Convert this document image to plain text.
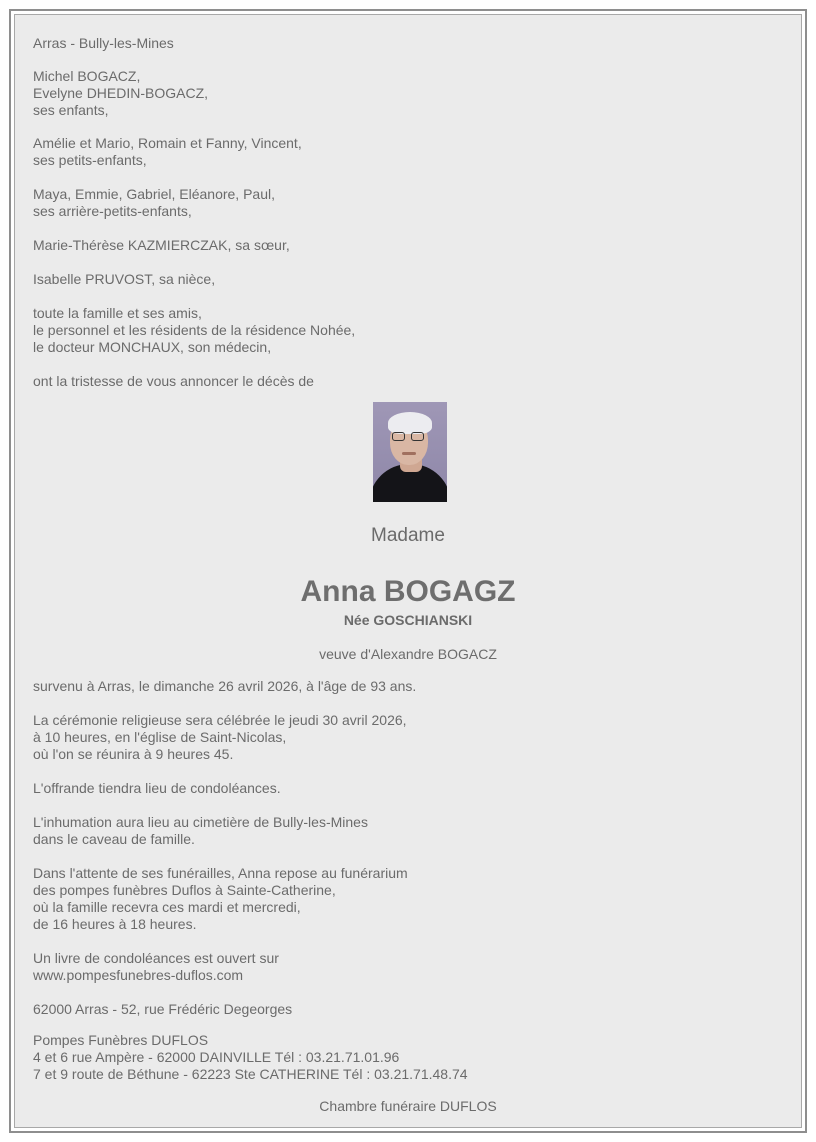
Arras - Bully-les-Mines

Michel BOGACZ,
Evelyne DHEDIN-BOGACZ,
ses enfants,

Amélie et Mario, Romain et Fanny, Vincent,
ses petits-enfants,

Maya, Emmie, Gabriel, Eléanore, Paul,
ses arrière-petits-enfants,

Marie-Thérèse KAZMIERCZAK, sa sœur,

Isabelle PRUVOST, sa nièce,

toute la famille et ses amis,
le personnel et les résidents de la résidence Nohée,
le docteur MONCHAUX, son médecin,

ont la tristesse de vous annoncer le décès de

Madame

Anna BOGAGZ

Née GOSCHIANSKI

veuve d'Alexandre BOGACZ

survenu à Arras, le dimanche 26 avril 2026, à l'âge de 93 ans.

La cérémonie religieuse sera célébrée le jeudi 30 avril 2026,
à 10 heures, en l'église de Saint-Nicolas,
où l'on se réunira à 9 heures 45.

L'offrande tiendra lieu de condoléances.

L'inhumation aura lieu au cimetière de Bully-les-Mines
dans le caveau de famille.

Dans l'attente de ses funérailles, Anna repose au funérarium
des pompes funèbres Duflos à Sainte-Catherine,
où la famille recevra ces mardi et mercredi,
de 16 heures à 18 heures.

Un livre de condoléances est ouvert sur
www.pompesfunebres-duflos.com

62000 Arras - 52, rue Frédéric Degeorges

Pompes Funèbres DUFLOS

4 et 6 rue Ampère - 62000 DAINVILLE Tél : 03.21.71.01.96

7 et 9 route de Béthune - 62223 Ste CATHERINE Tél : 03.21.71.48.74

Chambre funéraire DUFLOS
